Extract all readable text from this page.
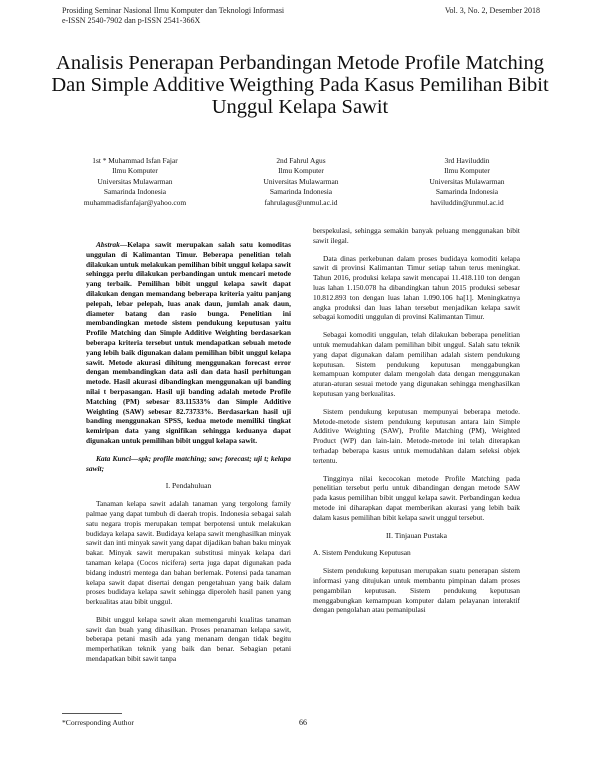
Prosiding Seminar Nasional Ilmu Komputer dan Teknologi Informasi
e-ISSN 2540-7902 dan p-ISSN 2541-366X
Vol. 3, No. 2, Desember 2018
Analisis Penerapan Perbandingan Metode Profile Matching Dan Simple Additive Weigthing Pada Kasus Pemilihan Bibit Unggul Kelapa Sawit
1st * Muhammad Isfan Fajar
Ilmu Komputer
Universitas Mulawarman
Samarinda Indonesia
muhammadisfanfajar@yahoo.com
2nd Fahrul Agus
Ilmu Komputer
Universitas Mulawarman
Samarinda Indonesia
fahrulagus@unmul.ac.id
3rd Haviluddin
Ilmu Komputer
Universitas Mulawarman
Samarinda Indonesia
haviluddin@unmul.ac.id

Abstrak—Kelapa sawit merupakan salah satu komoditas unggulan di Kalimantan Timur. Beberapa penelitian telah dilakukan untuk melakukan pemilihan bibit unggul kelapa sawit sehingga perlu dilakukan perbandingan untuk mencari metode yang terbaik. Pemilihan bibit unggul kelapa sawit dapat dilakukan dengan memandang beberapa kriteria yaitu panjang pelepah, lebar pelepah, luas anak daun, jumlah anak daun, diameter batang dan rasio bunga. Penelitian ini membandingkan metode sistem pendukung keputusan yaitu Profile Matching dan Simple Additive Weighting berdasarkan beberapa kriteria tersebut untuk mendapatkan sebuah metode yang lebih baik digunakan dalam pemilihan bibit unggul kelapa sawit. Metode akurasi dihitung menggunakan forecast error dengan membandingkan data asli dan data hasil perhitungan metode. Hasil akurasi dibandingkan menggunakan uji banding nilai t berpasangan. Hasil uji banding adalah metode Profile Matching (PM) sebesar 83.11533% dan Simple Additive Weighting (SAW) sebesar 82.73733%. Berdasarkan hasil uji banding menggunakan SPSS, kedua metode memiliki tingkat kemiripan data yang signifikan sehingga keduanya dapat digunakan untuk pemilihan bibit unggul kelapa sawit.

Kata Kunci—spk; profile matching; saw; forecast; uji t; kelapa sawit;

I. Pendahuluan

Tanaman kelapa sawit adalah tanaman yang tergolong family palmae yang dapat tumbuh di daerah tropis. Indonesia sebagai salah satu negara tropis merupakan tempat berpotensi untuk melakukan budidaya kelapa sawit. Budidaya kelapa sawit menghasilkan minyak sawit dan inti minyak sawit yang dapat dijadikan bahan baku minyak bakar. Minyak sawit merupakan substitusi minyak kelapa dari tanaman kelapa (Cocos nicifera) serta juga dapat digunakan pada bidang industri mentega dan bahan berlemak. Potensi pada tanaman kelapa sawit dapat disertai dengan pengetahuan yang baik dalam proses budidaya kelapa sawit sehingga diperoleh hasil panen yang berkualitas atau bibit unggul.

Bibit unggul kelapa sawit akan memengaruhi kualitas tanaman sawit dan buah yang dihasilkan. Proses penanaman kelapa sawit, beberapa petani masih ada yang menanam dengan tidak begitu memperhatikan teknik yang baik dan benar. Sebagian petani mendapatkan bibit sawit tanpa

berspekulasi, sehingga semakin banyak peluang menggunakan bibit sawit ilegal.

Data dinas perkebunan dalam proses budidaya komoditi kelapa sawit di provinsi Kalimantan Timur setiap tahun terus meningkat. Tahun 2016, produksi kelapa sawit mencapai 11.418.110 ton dengan luas lahan 1.150.078 ha dibandingkan tahun 2015 produksi sebesar 10.812.893 ton dengan luas lahan 1.090.106 ha[1]. Meningkatnya angka produksi dan luas lahan tersebut menjadikan kelapa sawit sebagai komoditi unggulan di provinsi Kalimantan Timur.

Sebagai komoditi unggulan, telah dilakukan beberapa penelitian untuk memudahkan dalam pemilihan bibit unggul. Salah satu teknik yang dapat digunakan dalam pemilihan adalah sistem pendukung keputusan. Sistem pendukung keputusan menggabungkan kemampuan komputer dalam mengolah data dengan menggunakan aturan-aturan sesuai metode yang digunakan sehingga menghasilkan keputusan yang berkualitas.

Sistem pendukung keputusan mempunyai beberapa metode. Metode-metode sistem pendukung keputusan antara lain Simple Additive Weighting (SAW), Profile Matching (PM), Weighted Product (WP) dan lain-lain. Metode-metode ini telah diterapkan terhadap beberapa kasus untuk memudahkan dalam seleksi objek tertentu.

Tingginya nilai kecocokan metode Profile Matching pada penelitian tersebut perlu untuk dibandingan dengan metode SAW pada kasus pemilihan bibit unggul kelapa sawit. Perbandingan kedua metode ini diharapkan dapat memberikan akurasi yang lebih baik dalam kasus pemilihan bibit kelapa sawit unggul tersebut.

II. Tinjauan Pustaka

A. Sistem Pendukung Keputusan

Sistem pendukung keputusan merupakan suatu penerapan sistem informasi yang ditujukan untuk membantu pimpinan dalam proses pengambilan keputusan. Sistem pendukung keputusan menggabungkan kemampuan komputer dalam pelayanan interaktif dengan pengolahan atau pemanipulasi

*Corresponding Author	66
